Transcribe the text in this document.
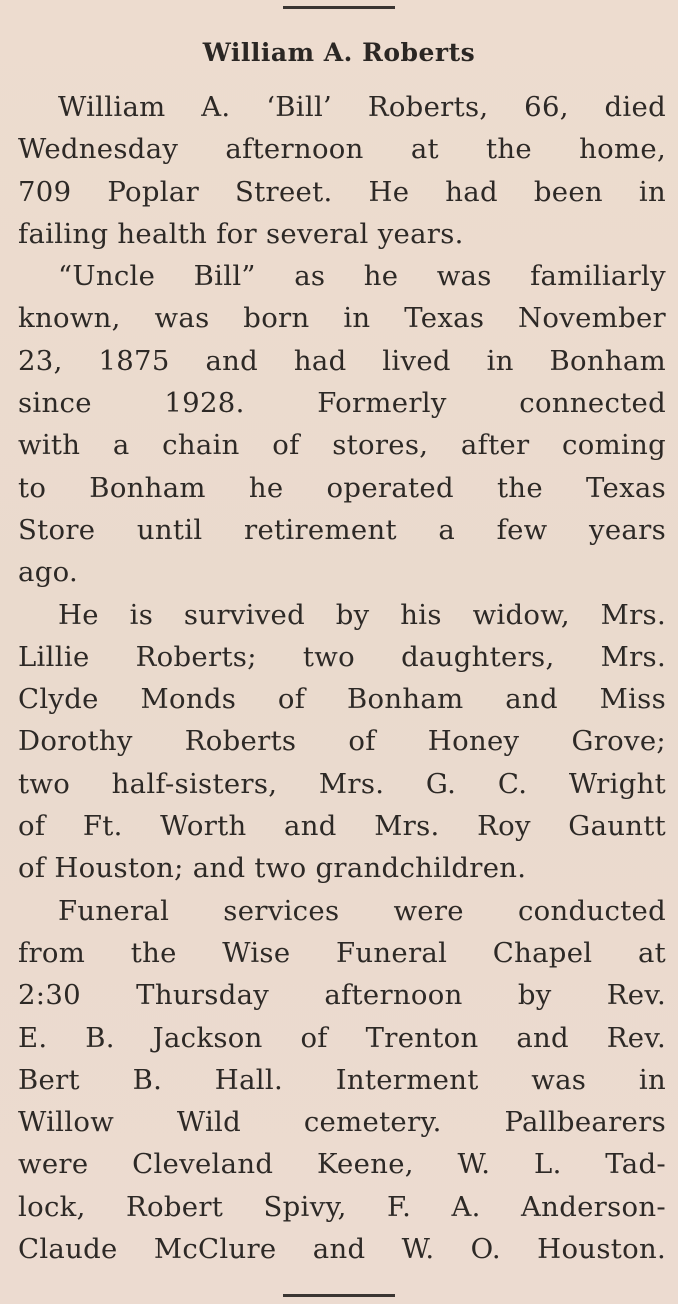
William A. Roberts
William A. ‘Bill’ Roberts, 66, died
Wednesday afternoon at the home,
709 Poplar Street. He had been in
failing health for several years.
“Uncle Bill” as he was familiarly
known, was born in Texas November
23, 1875 and had lived in Bonham
since 1928. Formerly connected
with a chain of stores, after coming
to Bonham he operated the Texas
Store until retirement a few years
ago.
He is survived by his widow, Mrs.
Lillie Roberts; two daughters, Mrs.
Clyde Monds of Bonham and Miss
Dorothy Roberts of Honey Grove;
two half-sisters, Mrs. G. C. Wright
of Ft. Worth and Mrs. Roy Gauntt
of Houston; and two grandchildren.
Funeral services were conducted
from the Wise Funeral Chapel at
2:30 Thursday afternoon by Rev.
E. B. Jackson of Trenton and Rev.
Bert B. Hall. Interment was in
Willow Wild cemetery. Pallbearers
were Cleveland Keene, W. L. Tad-
lock, Robert Spivy, F. A. Anderson-
Claude McClure and W. O. Houston.
